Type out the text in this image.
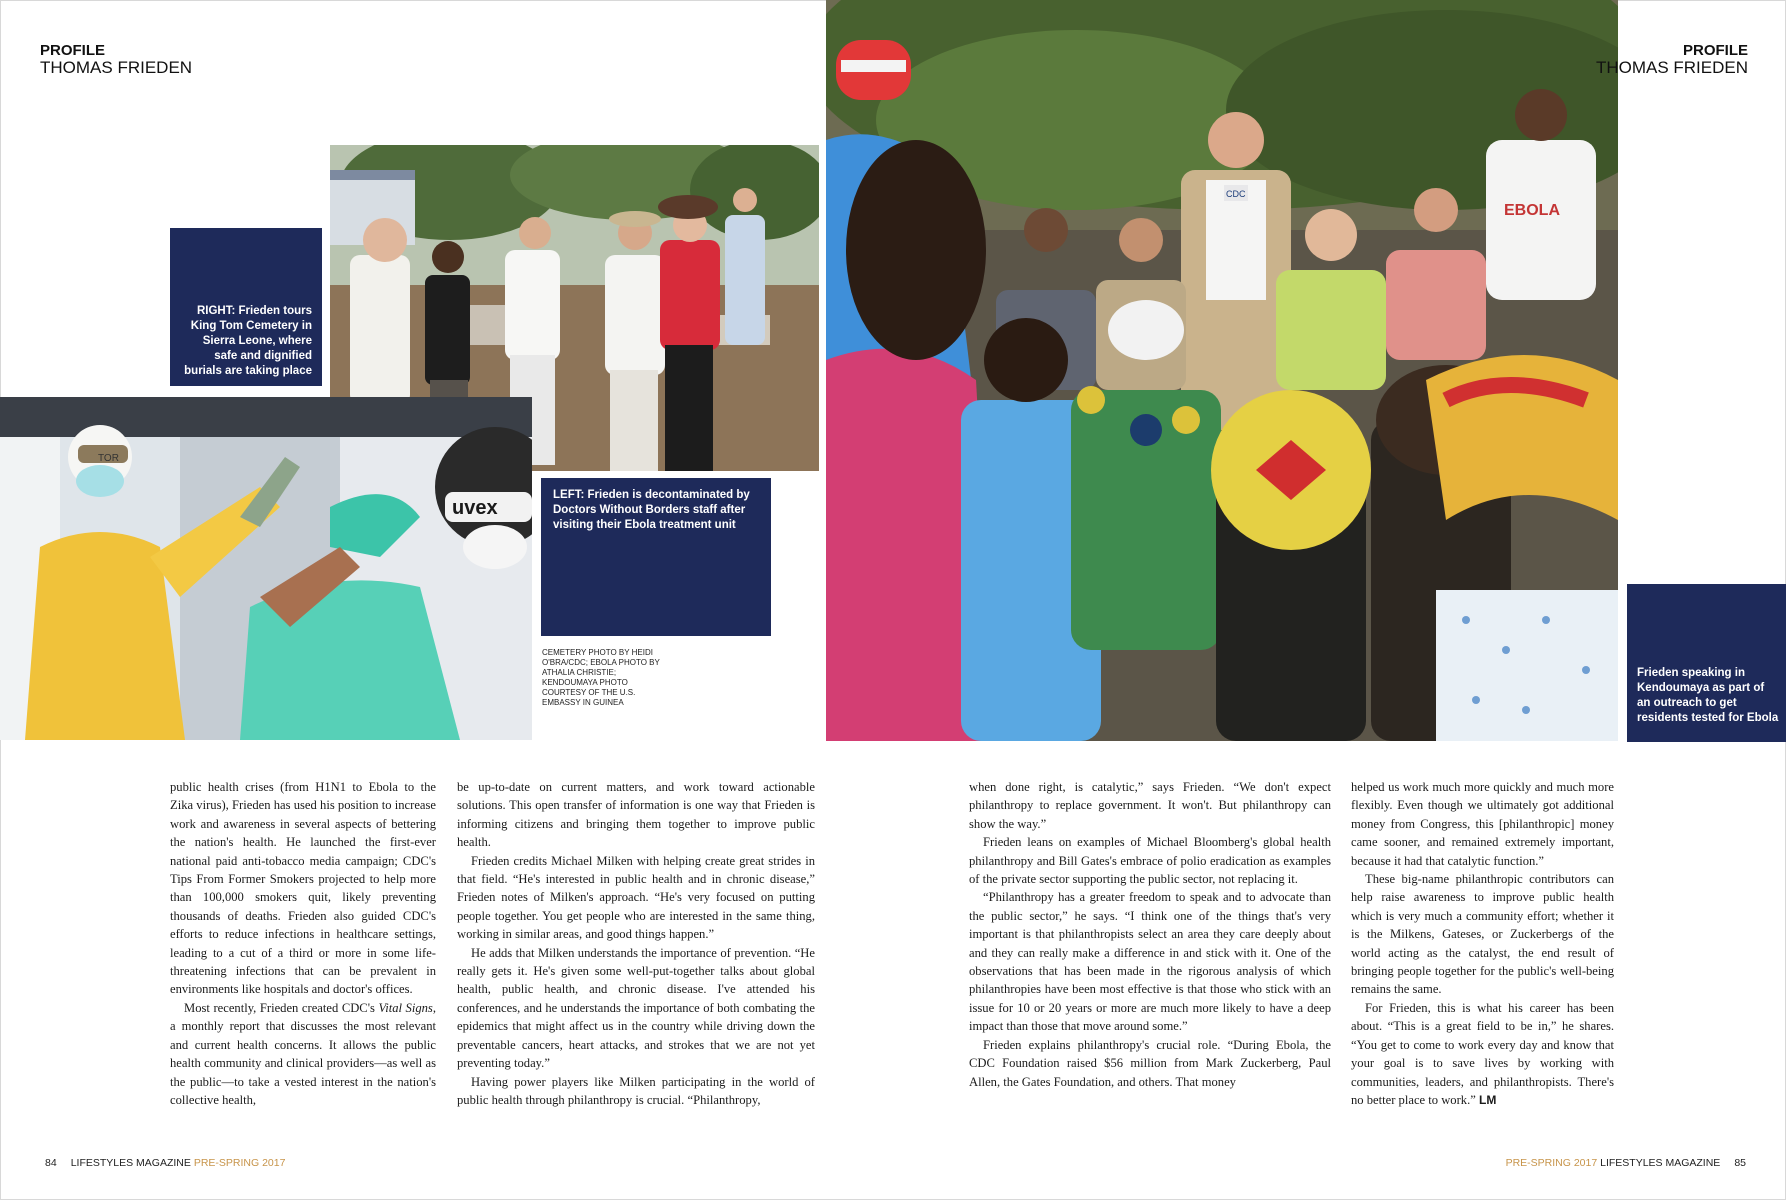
PROFILE
THOMAS FRIEDEN
TOR
uvex
CDC
EBOLA
PROFILE
THOMAS FRIEDEN
RIGHT: Frieden tours King Tom Cemetery in Sierra Leone, where safe and dignified burials are taking place
LEFT: Frieden is decontaminated by Doctors Without Borders staff after visiting their Ebola treatment unit
CEMETERY PHOTO BY HEIDI O'BRA/CDC; EBOLA PHOTO BY ATHALIA CHRISTIE; KENDOUMAYA PHOTO COURTESY OF THE U.S. EMBASSY IN GUINEA
Frieden speaking in Kendoumaya as part of an outreach to get residents tested for Ebola

public health crises (from H1N1 to Ebola to the Zika virus), Frieden has used his position to increase work and awareness in several aspects of bettering the nation's health. He launched the first-ever national paid anti-tobacco media campaign; CDC's Tips From Former Smokers projected to help more than 100,000 smokers quit, likely preventing thousands of deaths. Frieden also guided CDC's efforts to reduce infections in healthcare settings, leading to a cut of a third or more in some life-threatening infections that can be prevalent in environments like hospitals and doctor's offices.

Most recently, Frieden created CDC's Vital Signs, a monthly report that discusses the most relevant and current health concerns. It allows the public health community and clinical providers—as well as the public—to take a vested interest in the nation's collective health,

be up-to-date on current matters, and work toward actionable solutions. This open transfer of information is one way that Frieden is informing citizens and bringing them together to improve public health.

Frieden credits Michael Milken with helping create great strides in that field. “He's interested in public health and in chronic disease,” Frieden notes of Milken's approach. “He's very focused on putting people together. You get people who are interested in the same thing, working in similar areas, and good things happen.”

He adds that Milken understands the importance of prevention. “He really gets it. He's given some well-put-together talks about global health, public health, and chronic disease. I've attended his conferences, and he understands the importance of both combating the epidemics that might affect us in the country while driving down the preventable cancers, heart attacks, and strokes that we are not yet preventing today.”

Having power players like Milken participating in the world of public health through philanthropy is crucial. “Philanthropy,

when done right, is catalytic,” says Frieden. “We don't expect philanthropy to replace government. It won't. But philanthropy can show the way.”

Frieden leans on examples of Michael Bloomberg's global health philanthropy and Bill Gates's embrace of polio eradication as examples of the private sector supporting the public sector, not replacing it.

“Philanthropy has a greater freedom to speak and to advocate than the public sector,” he says. “I think one of the things that's very important is that philanthropists select an area they care deeply about and they can really make a difference in and stick with it. One of the observations that has been made in the rigorous analysis of which philanthropies have been most effective is that those who stick with an issue for 10 or 20 years or more are much more likely to have a deep impact than those that move around some.”

Frieden explains philanthropy's crucial role. “During Ebola, the CDC Foundation raised $56 million from Mark Zuckerberg, Paul Allen, the Gates Foundation, and others. That money

helped us work much more quickly and much more flexibly. Even though we ultimately got additional money from Congress, this [philanthropic] money came sooner, and remained extremely important, because it had that catalytic function.”

These big-name philanthropic contributors can help raise awareness to improve public health which is very much a community effort; whether it is the Milkens, Gateses, or Zuckerbergs of the world acting as the catalyst, the end result of bringing people together for the public's well-being remains the same.

For Frieden, this is what his career has been about. “This is a great field to be in,” he shares. “You get to come to work every day and know that your goal is to save lives by working with communities, leaders, and philanthropists. There's no better place to work.” LM

84 LIFESTYLES MAGAZINE PRE-SPRING 2017	PRE-SPRING 2017 LIFESTYLES MAGAZINE 85
